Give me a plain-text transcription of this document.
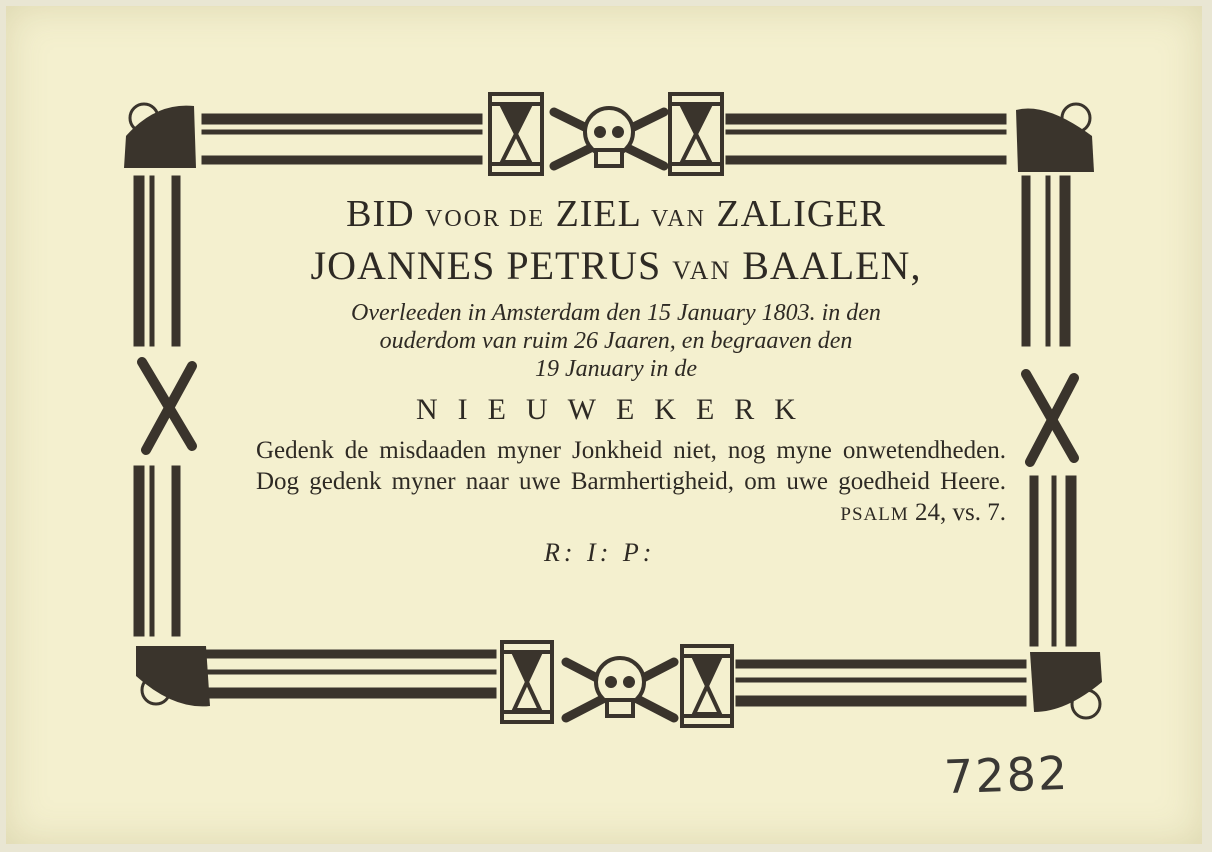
BID VOOR DE ZIEL VAN ZALIGER
JOANNES PETRUS VAN BAALEN,
Overleeden in Amsterdam den 15 January 1803. in den
ouderdom van ruim 26 Jaaren, en begraaven den
19 January in de
NIEUWEKERK
Gedenk de misdaaden myner Jonkheid niet, nog myne onwetendheden. Dog gedenk myner naar uwe Barmhertigheid, om uwe goedheid Heere. PSALM 24, vs. 7.
R: I: P:
7282
